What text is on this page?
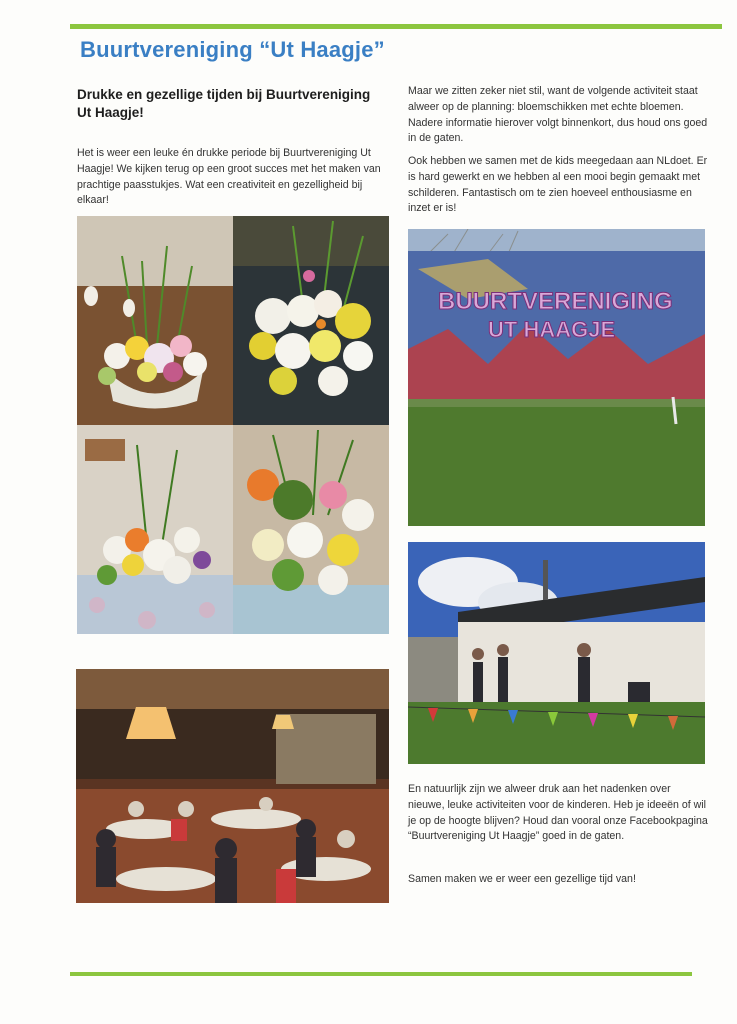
Buurtvereniging “Ut Haagje”
Drukke en gezellige tijden bij Buurtvereniging Ut Haagje!

Het is weer een leuke én drukke periode bij Buurtvereniging Ut Haagje! We kijken terug op een groot succes met het maken van prachtige paasstukjes. Wat een creativiteit en gezelligheid bij elkaar!

Maar we zitten zeker niet stil, want de volgende activiteit staat alweer op de planning: bloemschikken met echte bloemen. Nadere informatie hierover volgt binnenkort, dus houd ons goed in de gaten.

Ook hebben we samen met de kids meegedaan aan NLdoet. Er is hard gewerkt en we hebben al een mooi begin gemaakt met schilderen. Fantastisch om te zien hoeveel enthousiasme en inzet er is!

BUURTVERENIGING
UT HAAGJE

En natuurlijk zijn we alweer druk aan het nadenken over nieuwe, leuke activiteiten voor de kinderen. Heb je ideeën of wil je op de hoogte blijven? Houd dan vooral onze Facebookpagina “Buurtvereniging Ut Haagje” goed in de gaten.

Samen maken we er weer een gezellige tijd van!
